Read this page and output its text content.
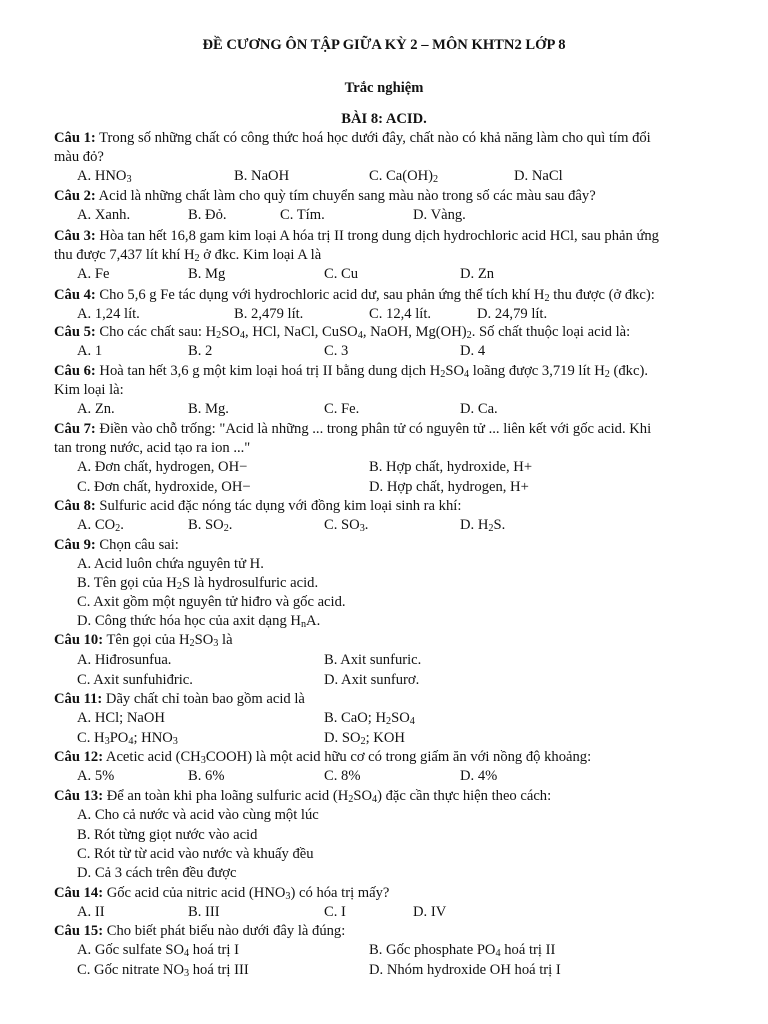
ĐỀ CƯƠNG ÔN TẬP GIỮA KỲ 2 – MÔN KHTN2 LỚP 8
Trắc nghiệm
BÀI 8: ACID.
Câu 1: Trong số những chất có công thức hoá học dưới đây, chất nào có khả năng làm cho quì tím đổi
màu đỏ?
A. $HNO_3$	B. NaOH	C. $Ca(OH)_2$	D. NaCl
Câu 2: Acid là những chất làm cho quỳ tím chuyển sang màu nào trong số các màu sau đây?
A. Xanh.	B. Đỏ.	C. Tím.	D. Vàng.
Câu 3: Hòa tan hết 16,8 gam kim loại A hóa trị II trong dung dịch hydrochloric acid HCl, sau phản ứng
thu được 7,437 lít khí $H_2$ ở đkc. Kim loại A là
A. Fe	B. Mg	C. Cu	D. Zn
Câu 4: Cho 5,6 g Fe tác dụng với hydrochloric acid dư, sau phản ứng thể tích khí $H_2$ thu được (ở đkc):
A. 1,24 lít.	B. 2,479 lít.	C. 12,4 lít.	D. 24,79 lít.
Câu 5: Cho các chất sau: $H_2SO_4$, HCl, NaCl, CuSO$_4$, NaOH, $Mg(OH)_2$. Số chất thuộc loại acid là:
A. 1	B. 2	C. 3	D. 4
Câu 6: Hoà tan hết 3,6 g một kim loại hoá trị II bằng dung dịch $H_2SO_4$ loãng được 3,719 lít $H_2$ (đkc).
Kim loại là:
A. Zn.	B. Mg.	C. Fe.	D. Ca.
Câu 7: Điền vào chỗ trống: "Acid là những ... trong phân tử có nguyên tử ... liên kết với gốc acid. Khi
tan trong nước, acid tạo ra ion ..."
A. Đơn chất, hydrogen, OH−	B. Hợp chất, hydroxide, H+
C. Đơn chất, hydroxide, OH−	D. Hợp chất, hydrogen, H+
Câu 8: Sulfuric acid đặc nóng tác dụng với đồng kim loại sinh ra khí:
A. $CO_2$.	B. $SO_2$.	C. $SO_3$.	D. $H_2S$.
Câu 9: Chọn câu sai:
A. Acid luôn chứa nguyên tử H.
B. Tên gọi của $H_2S$ là hydrosulfuric acid.
C. Axit gồm một nguyên tử hiđro và gốc acid.
D. Công thức hóa học của axit dạng $H_nA$.
Câu 10: Tên gọi của $H_2SO_3$ là
A. Hiđrosunfua.	B. Axit sunfuric.
C. Axit sunfuhiđric.	D. Axit sunfurơ.
Câu 11: Dãy chất chỉ toàn bao gồm acid là
A. HCl; NaOH	B. CaO; $H_2SO_4$
C. $H_3PO_4$; $HNO_3$	D. $SO_2$; KOH
Câu 12: Acetic acid $(CH_3COOH)$ là một acid hữu cơ có trong giấm ăn với nồng độ khoảng:
A. 5%	B. 6%	C. 8%	D. 4%
Câu 13: Để an toàn khi pha loãng sulfuric acid $(H_2SO_4)$ đặc cần thực hiện theo cách:
A. Cho cả nước và acid vào cùng một lúc
B. Rót từng giọt nước vào acid
C. Rót từ từ acid vào nước và khuấy đều
D. Cả 3 cách trên đều được
Câu 14: Gốc acid của nitric acid $(HNO_3)$ có hóa trị mấy?
A. II	B. III	C. I	D. IV
Câu 15: Cho biết phát biểu nào dưới đây là đúng:
A. Gốc sulfate $SO_4$ hoá trị I	B. Gốc phosphate $PO_4$ hoá trị II
C. Gốc nitrate $NO_3$ hoá trị III	D. Nhóm hydroxide OH hoá trị I
